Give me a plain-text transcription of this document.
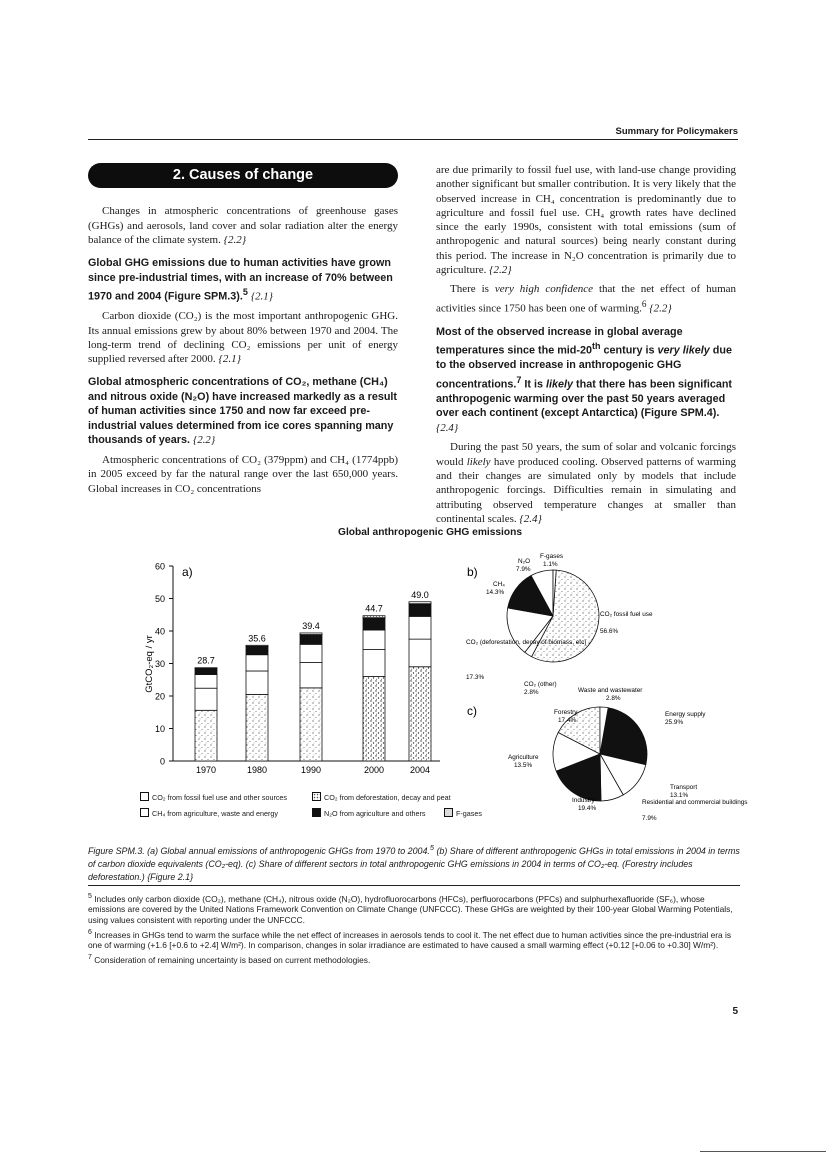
Summary for Policymakers
2. Causes of change

Changes in atmospheric concentrations of greenhouse gases (GHGs) and aerosols, land cover and solar radiation alter the energy balance of the climate system. {2.2}

Global GHG emissions due to human activities have grown since pre-industrial times, with an increase of 70% between 1970 and 2004 (Figure SPM.3).$^5$ {2.1}

Carbon dioxide (CO₂) is the most important anthropogenic GHG. Its annual emissions grew by about 80% between 1970 and 2004. The long-term trend of declining CO₂ emissions per unit of energy supplied reversed after 2000. {2.1}

Global atmospheric concentrations of CO₂, methane (CH₄) and nitrous oxide (N₂O) have increased markedly as a result of human activities since 1750 and now far exceed pre-industrial values determined from ice cores spanning many thousands of years. {2.2}

Atmospheric concentrations of CO₂ (379ppm) and CH₄ (1774ppb) in 2005 exceed by far the natural range over the last 650,000 years. Global increases in CO₂ concentrations

are due primarily to fossil fuel use, with land-use change providing another significant but smaller contribution. It is very likely that the observed increase in CH₄ concentration is predominantly due to agriculture and fossil fuel use. CH₄ growth rates have declined since the early 1990s, consistent with total emissions (sum of anthropogenic and natural sources) being nearly constant during this period. The increase in N₂O concentration is primarily due to agriculture. {2.2}

There is very high confidence that the net effect of human activities since 1750 has been one of warming.$^6$ {2.2}

Most of the observed increase in global average temperatures since the mid-20th century is very likely due to the observed increase in anthropogenic GHG concentrations.$^7$ It is likely that there has been significant anthropogenic warming over the past 50 years averaged over each continent (except Antarctica) (Figure SPM.4). {2.4}

During the past 50 years, the sum of solar and volcanic forcings would likely have produced cooling. Observed patterns of warming and their changes are simulated only by models that include anthropogenic forcings. Difficulties remain in simulating and attributing observed temperature changes at smaller than continental scales. {2.4}

Global anthropogenic GHG emissions
a)
GtCO₂-eq / yr
0
10
20
30
40
50
60
28.7
1970
35.6
1980
39.4
1990
44.7
2000
49.0
2004
b)
N₂O
7.9%
F-gases
1.1%
CH₄
14.3%
CO₂ fossil fuel use
56.6%
CO₂ (deforestation, decay of biomass, etc)
17.3%
CO₂ (other)
2.8%
c)
Waste and wastewater
2.8%
Forestry
17.4%
Energy supply
25.9%
Agriculture
13.5%
Transport
13.1%
Industry
19.4%
Residential and commercial buildings
7.9%
CO₂ from fossil fuel use and other sources	CO₂ from deforestation, decay and peat
CH₄ from agriculture, waste and energy	N₂O from agriculture and others	F-gases
Figure SPM.3. (a) Global annual emissions of anthropogenic GHGs from 1970 to 2004.$^5$ (b) Share of different anthropogenic GHGs in total emissions in 2004 in terms of carbon dioxide equivalents (CO₂-eq). (c) Share of different sectors in total anthropogenic GHG emissions in 2004 in terms of CO₂-eq. (Forestry includes deforestation.) {Figure 2.1}

$^5$ Includes only carbon dioxide (CO₂), methane (CH₄), nitrous oxide (N₂O), hydrofluorocarbons (HFCs), perfluorocarbons (PFCs) and sulphurhexafluoride (SF₆), whose emissions are covered by the United Nations Framework Convention on Climate Change (UNFCCC). These GHGs are weighted by their 100-year Global Warming Potentials, using values consistent with reporting under the UNFCCC.

$^6$ Increases in GHGs tend to warm the surface while the net effect of increases in aerosols tends to cool it. The net effect due to human activities since the pre-industrial era is one of warming (+1.6 [+0.6 to +2.4] W/m²). In comparison, changes in solar irradiance are estimated to have caused a small warming effect (+0.12 [+0.06 to +0.30] W/m²).

$^7$ Consideration of remaining uncertainty is based on current methodologies.

5
